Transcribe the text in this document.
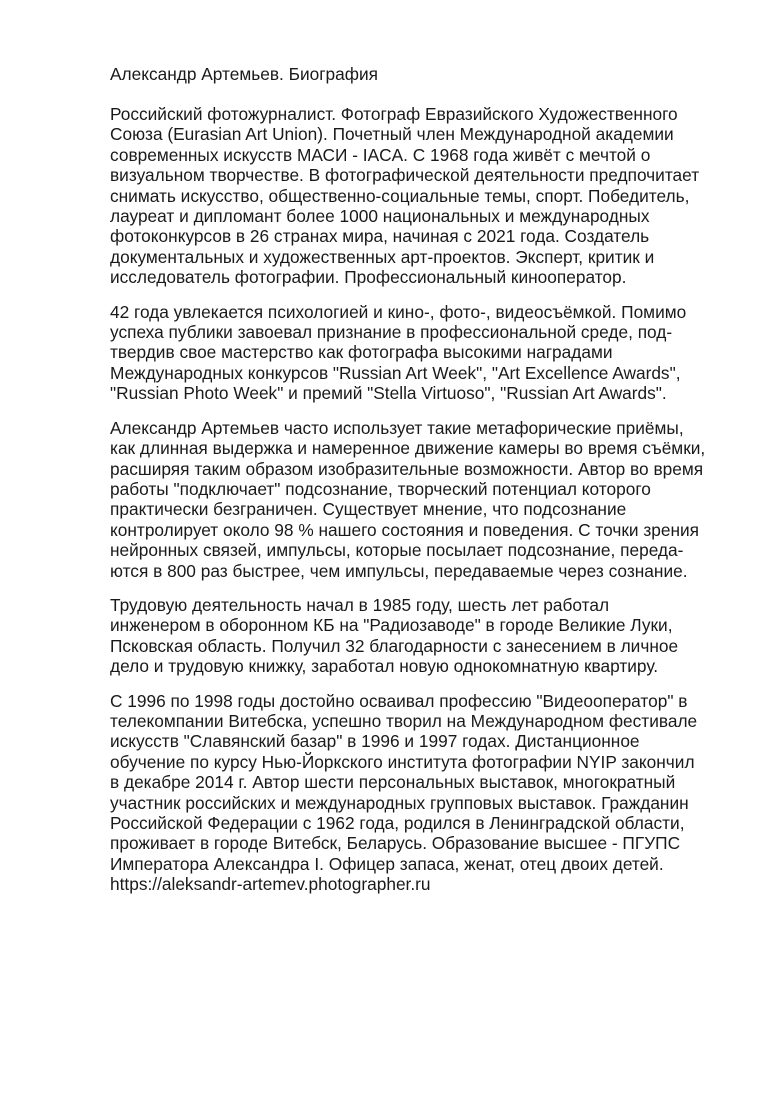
Александр Артемьев. Биография

Российский фотожурналист. Фотограф Евразийского Художественного
Союза (Eurasian Art Union). Почетный член Международной академии
современных искусств МАСИ - IACA. С 1968 года живёт с мечтой о
визуальном творчестве. В фотографической деятельности предпочитает
снимать искусство, общественно-социальные темы, спорт. Победитель,
лауреат и дипломант более 1000 национальных и международных
фотоконкурсов в 26 странах мира, начиная с 2021 года. Создатель
документальных и художественных арт-проектов. Эксперт, критик и
исследователь фотографии. Профессиональный кинооператор.

42 года увлекается психологией и кино-, фото-, видеосъёмкой. Помимо
успеха публики завоевал признание в профессиональной среде, под-
твердив свое мастерство как фотографа высокими наградами
Международных конкурсов "Russian Art Week", "Art Excellence Awards",
"Russian Photo Week" и премий "Stella Virtuoso", "Russian Art Awards".

Александр Артемьев часто использует такие метафорические приёмы,
как длинная выдержка и намеренное движение камеры во время съёмки,
расширяя таким образом изобразительные возможности. Автор во время
работы "подключает" подсознание, творческий потенциал которого
практически безграничен. Существует мнение, что подсознание
контролирует около 98 % нашего состояния и поведения. С точки зрения
нейронных связей, импульсы, которые посылает подсознание, переда-
ются в 800 раз быстрее, чем импульсы, передаваемые через сознание.

Трудовую деятельность начал в 1985 году, шесть лет работал
инженером в оборонном КБ на "Радиозаводе" в городе Великие Луки,
Псковская область. Получил 32 благодарности с занесением в личное
дело и трудовую книжку, заработал новую однокомнатную квартиру.

С 1996 по 1998 годы достойно осваивал профессию "Видеооператор" в
телекомпании Витебска, успешно творил на Международном фестивале
искусств "Славянский базар" в 1996 и 1997 годах. Дистанционное
обучение по курсу Нью-Йоркского института фотографии NYIP закончил
в декабре 2014 г. Автор шести персональных выставок, многократный
участник российских и международных групповых выставок. Гражданин
Российской Федерации с 1962 года, родился в Ленинградской области,
проживает в городе Витебск, Беларусь. Образование высшее - ПГУПС
Императора Александра I. Офицер запаса, женат, отец двоих детей.
https://aleksandr-artemev.photographer.ru
